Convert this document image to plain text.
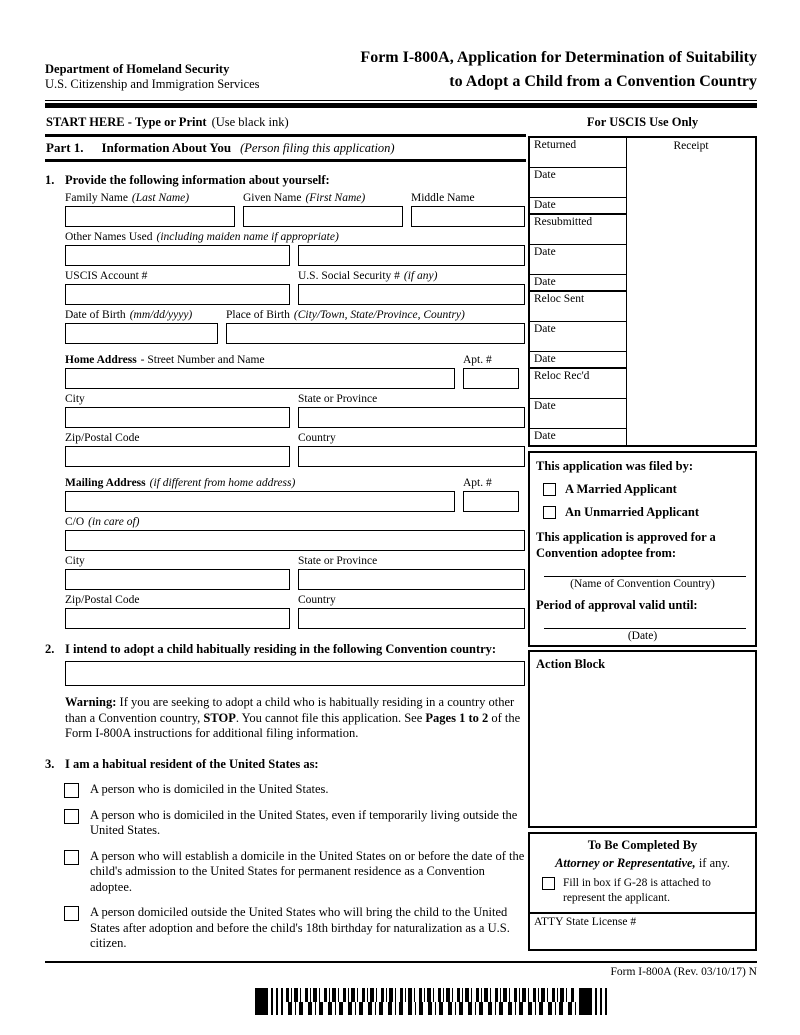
Department of Homeland Security
U.S. Citizenship and Immigration Services
Form I-800A, Application for Determination of Suitability
to Adopt a Child from a Convention Country
START HERE - Type or Print (Use black ink)
Part 1. Information About You (Person filing this application)
1. Provide the following information about yourself:
Family Name (Last Name)	Given Name (First Name)	Middle Name
Other Names Used (including maiden name if appropriate)
USCIS Account #	U.S. Social Security # (if any)
Date of Birth (mm/dd/yyyy)	Place of Birth (City/Town, State/Province, Country)
Home Address - Street Number and Name	Apt. #
City	State or Province
Zip/Postal Code	Country
Mailing Address (if different from home address)	Apt. #
C/O (in care of)
City	State or Province
Zip/Postal Code	Country
2. I intend to adopt a child habitually residing in the following Convention country:
Warning: If you are seeking to adopt a child who is habitually residing in a country other than a Convention country, STOP. You cannot file this application. See Pages 1 to 2 of the Form I-800A instructions for additional filing information.
3. I am a habitual resident of the United States as:
A person who is domiciled in the United States.
A person who is domiciled in the United States, even if temporarily living outside the United States.
A person who will establish a domicile in the United States on or before the date of the child's admission to the United States for permanent residence as a Convention adoptee.
A person domiciled outside the United States who will bring the child to the United States after adoption and before the child's 18th birthday for naturalization as a U.S. citizen.
For USCIS Use Only
Returned
Date
Date
Resubmitted
Date
Date
Reloc Sent
Date
Date
Reloc Rec'd
Date
Date
Receipt
This application was filed by:
A Married Applicant
An Unmarried Applicant
This application is approved for a Convention adoptee from:
(Name of Convention Country)
Period of approval valid until:
(Date)
Action Block
To Be Completed By
Attorney or Representative, if any.
Fill in box if G-28 is attached to represent the applicant.
ATTY State License #
Form I-800A (Rev. 03/10/17) N
